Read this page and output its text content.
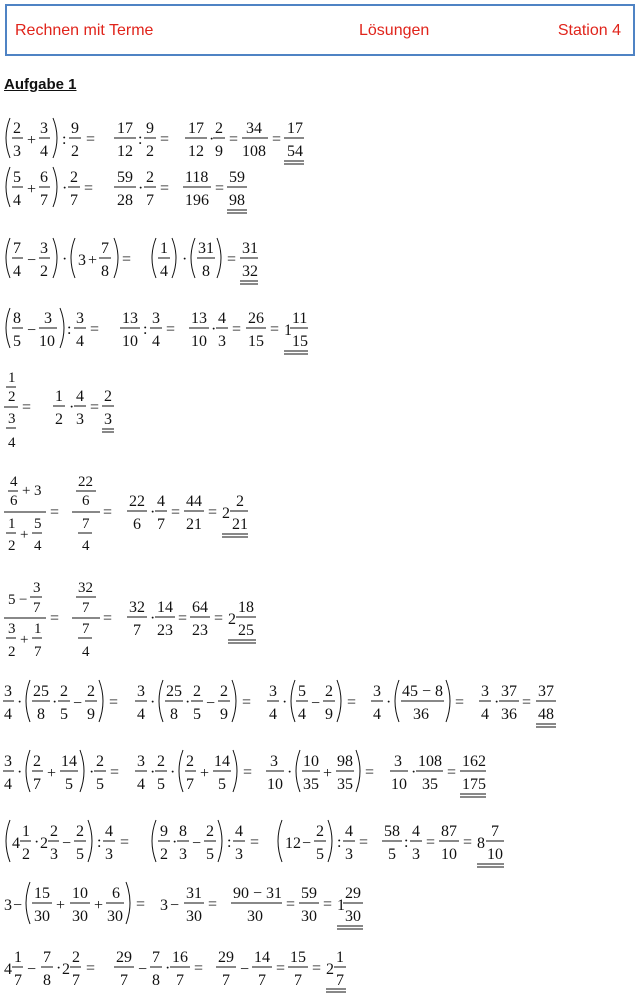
Rechnen mit Terme	Lösungen	Station 4
Aufgabe 1
2
3
+
3
4
:
9
2
=
17
12
:
9
2
=
17
12
·
2
9
=
34
108
=
17
54
5
4
+
6
7
·
2
7
=
59
28
·
2
7
=
118
196
=
59
98
7
4
−
3
2
· 3 +
7
8
=
1
4
·
31
8
=
31
32
8
5
−
3
10
:
3
4
=
13
10
:
3
4
=
13
10
·
4
3
=
26
15
= 1
11
15
1
2
3
4
=
1
2
·
4
3
=
2
3
4
6
+ 3
1
2
+
5
4
=
22
6
7
4
=
22
6
·
4
7
=
44
21
= 2
2
21
5 −
3
7
3
2
+
1
7
=
32
7
7
4
=
32
7
·
14
23
=
64
23
= 2
18
25
3
4
·
25
8
·
2
5
−
2
9
=
3
4
·
25
8
·
2
5
−
2
9
=
3
4
·
5
4
−
2
9
=
3
4
·
45 − 8
36
=
3
4
·
37
36
=
37
48
3
4
·
2
7
+
14
5
·
2
5
=
3
4
·
2
5
·
2
7
+
14
5
=
3
10
·
10
35
+
98
35
=
3
10
·
108
35
=
162
175
4
1
2
· 2
2
3
−
2
5
:
4
3
=
9
2
·
8
3
−
2
5
:
4
3
= 12 −
2
5
:
4
3
=
58
5
:
4
3
=
87
10
= 8
7
10
3 −
15
30
+
10
30
+
6
30
= 3 −
31
30
=
90 − 31
30
=
59
30
= 1
29
30
4
1
7
−
7
8
· 2
2
7
=
29
7
−
7
8
·
16
7
=
29
7
−
14
7
=
15
7
= 2
1
7
